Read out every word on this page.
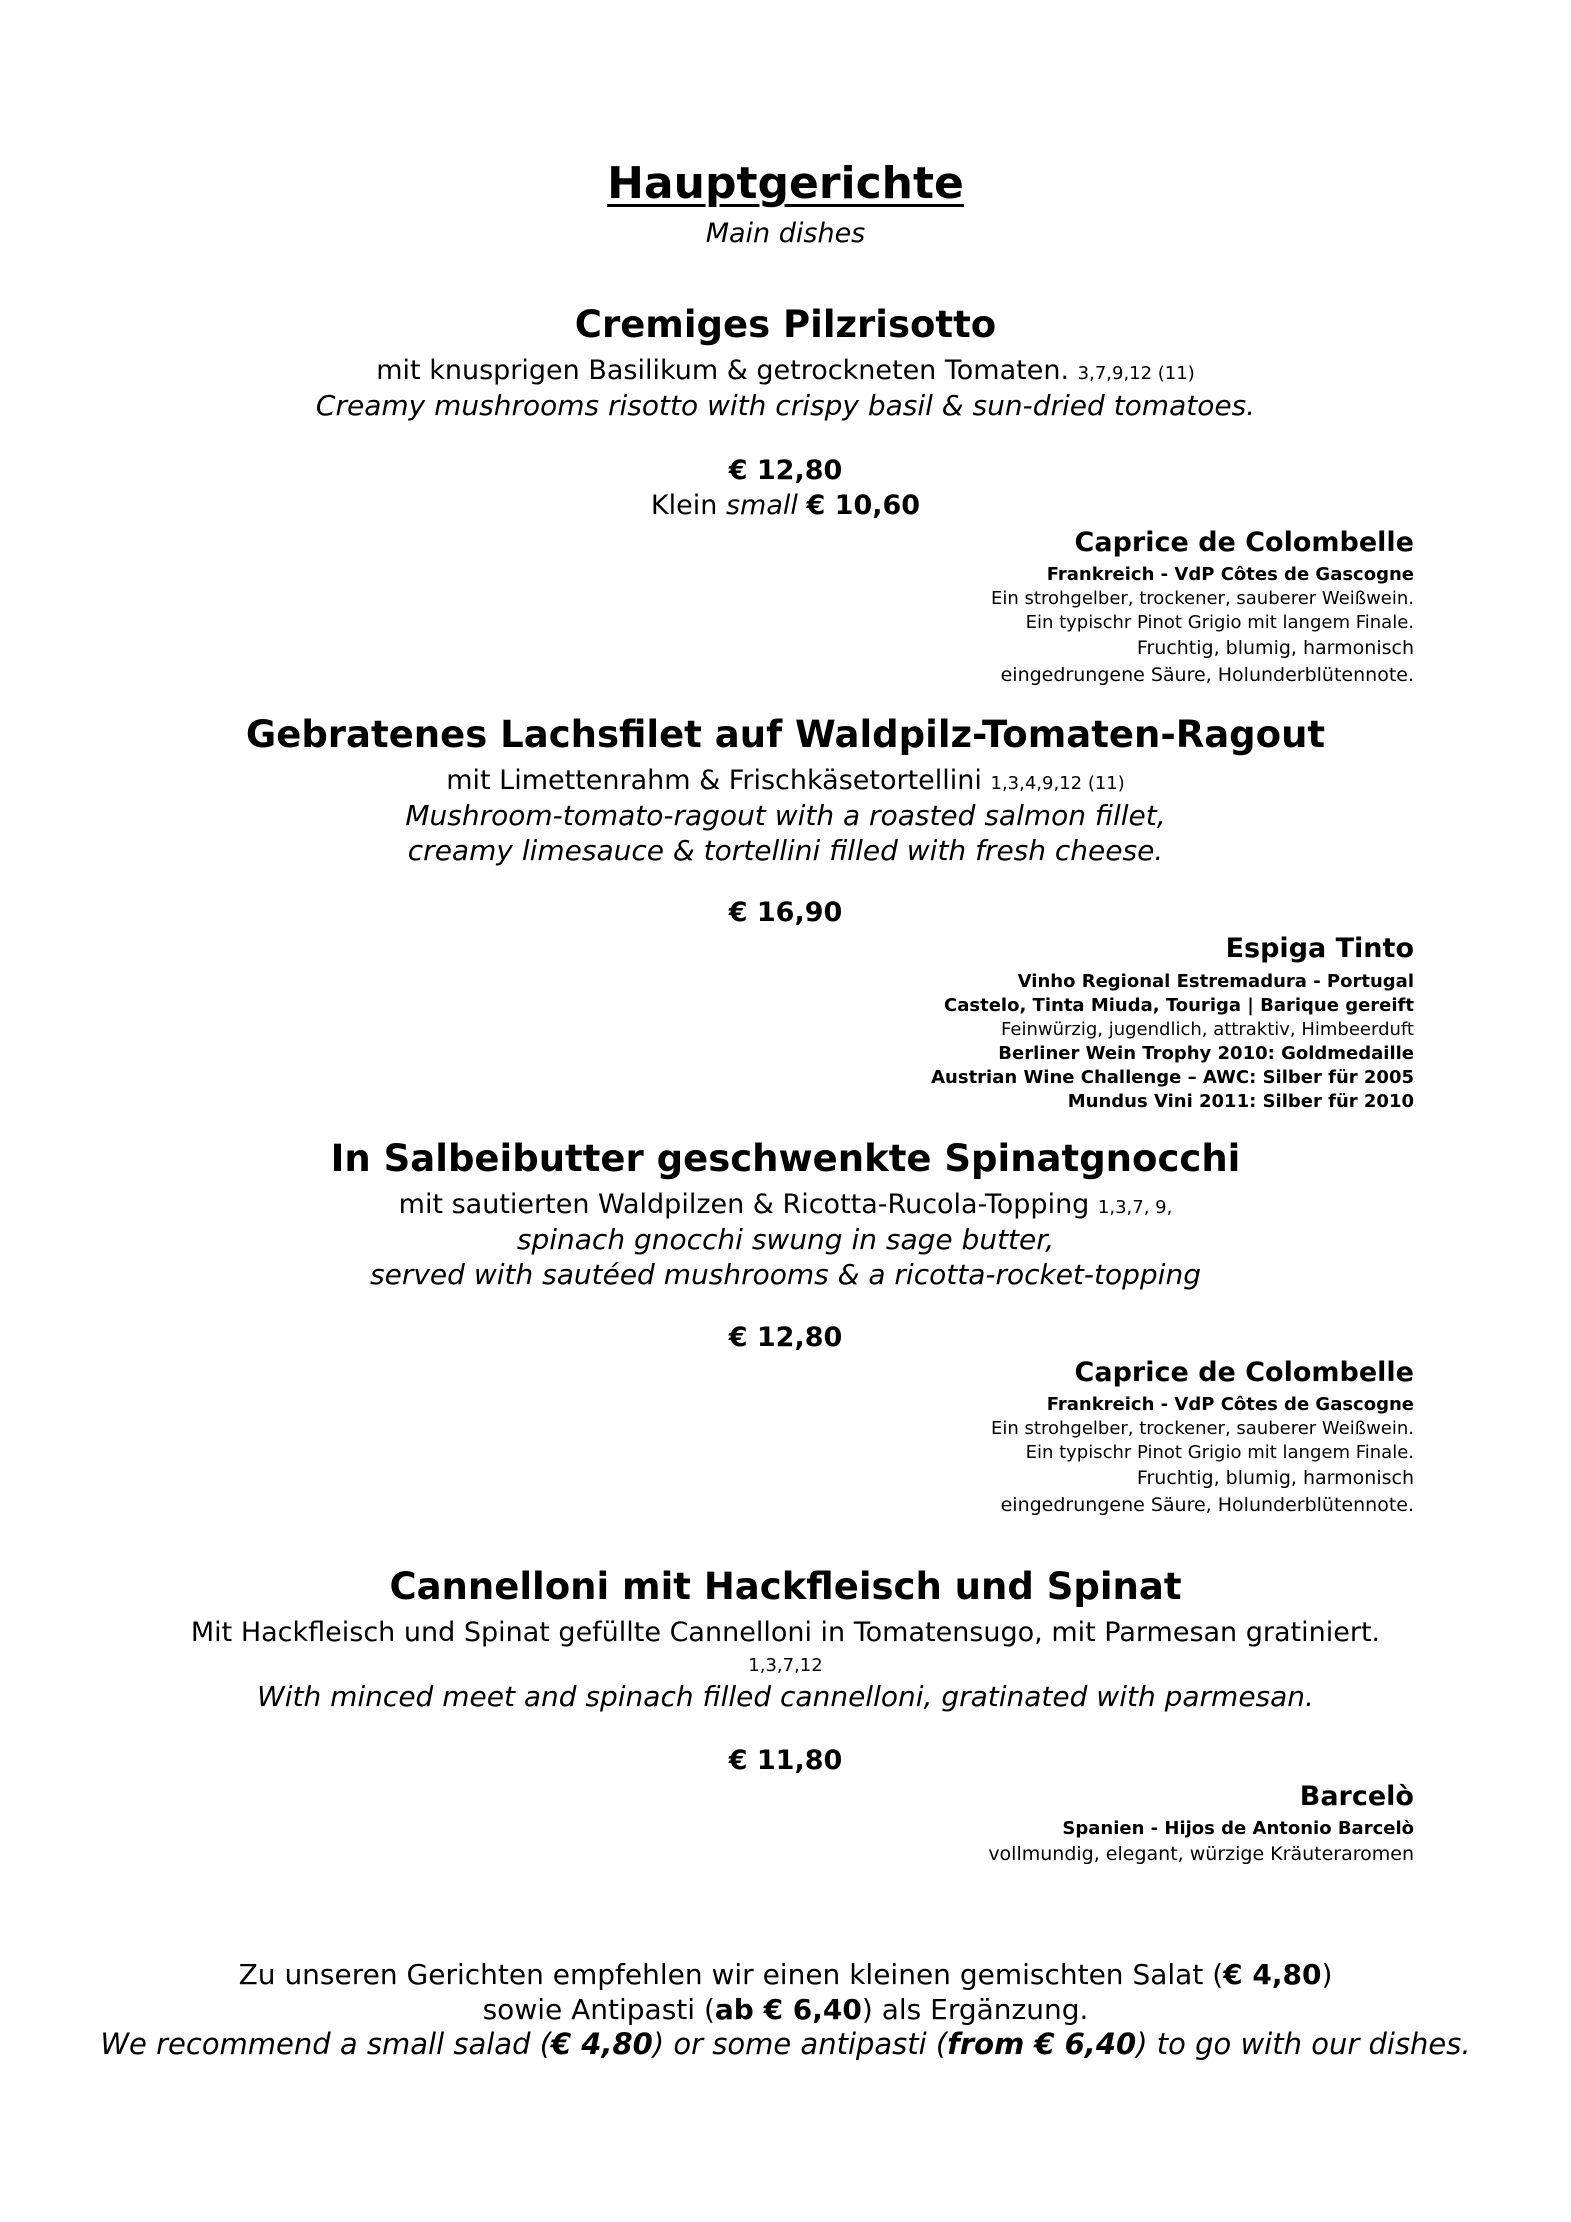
Hauptgerichte
Main dishes
Cremiges Pilzrisotto
mit knusprigen Basilikum & getrockneten Tomaten. 3,7,9,12 (11)
Creamy mushrooms risotto with crispy basil & sun-dried tomatoes.
€ 12,80
Klein small € 10,60
Caprice de Colombelle
Frankreich - VdP Côtes de Gascogne
Ein strohgelber, trockener, sauberer Weißwein.
Ein typischr Pinot Grigio mit langem Finale.
Fruchtig, blumig, harmonisch
eingedrungene Säure, Holunderblütennote.
Gebratenes Lachsfilet auf Waldpilz-Tomaten-Ragout
mit Limettenrahm & Frischkäsetortellini 1,3,4,9,12 (11)
Mushroom-tomato-ragout with a roasted salmon fillet,
creamy limesauce & tortellini filled with fresh cheese.
€ 16,90
Espiga Tinto
Vinho Regional Estremadura - Portugal
Castelo, Tinta Miuda, Touriga | Barique gereift
Feinwürzig, jugendlich, attraktiv, Himbeerduft
Berliner Wein Trophy 2010: Goldmedaille
Austrian Wine Challenge – AWC: Silber für 2005
Mundus Vini 2011: Silber für 2010
In Salbeibutter geschwenkte Spinatgnocchi
mit sautierten Waldpilzen & Ricotta-Rucola-Topping 1,3,7, 9,
spinach gnocchi swung in sage butter,
served with sautéed mushrooms & a ricotta-rocket-topping
€ 12,80
Caprice de Colombelle
Frankreich - VdP Côtes de Gascogne
Ein strohgelber, trockener, sauberer Weißwein.
Ein typischr Pinot Grigio mit langem Finale.
Fruchtig, blumig, harmonisch
eingedrungene Säure, Holunderblütennote.
Cannelloni mit Hackfleisch und Spinat
Mit Hackfleisch und Spinat gefüllte Cannelloni in Tomatensugo, mit Parmesan gratiniert.
1,3,7,12
With minced meet and spinach filled cannelloni, gratinated with parmesan.
€ 11,80
Barcelò
Spanien - Hijos de Antonio Barcelò
vollmundig, elegant, würzige Kräuteraromen
Zu unseren Gerichten empfehlen wir einen kleinen gemischten Salat (€ 4,80)
sowie Antipasti (ab € 6,40) als Ergänzung.
We recommend a small salad (€ 4,80) or some antipasti (from € 6,40) to go with our dishes.
